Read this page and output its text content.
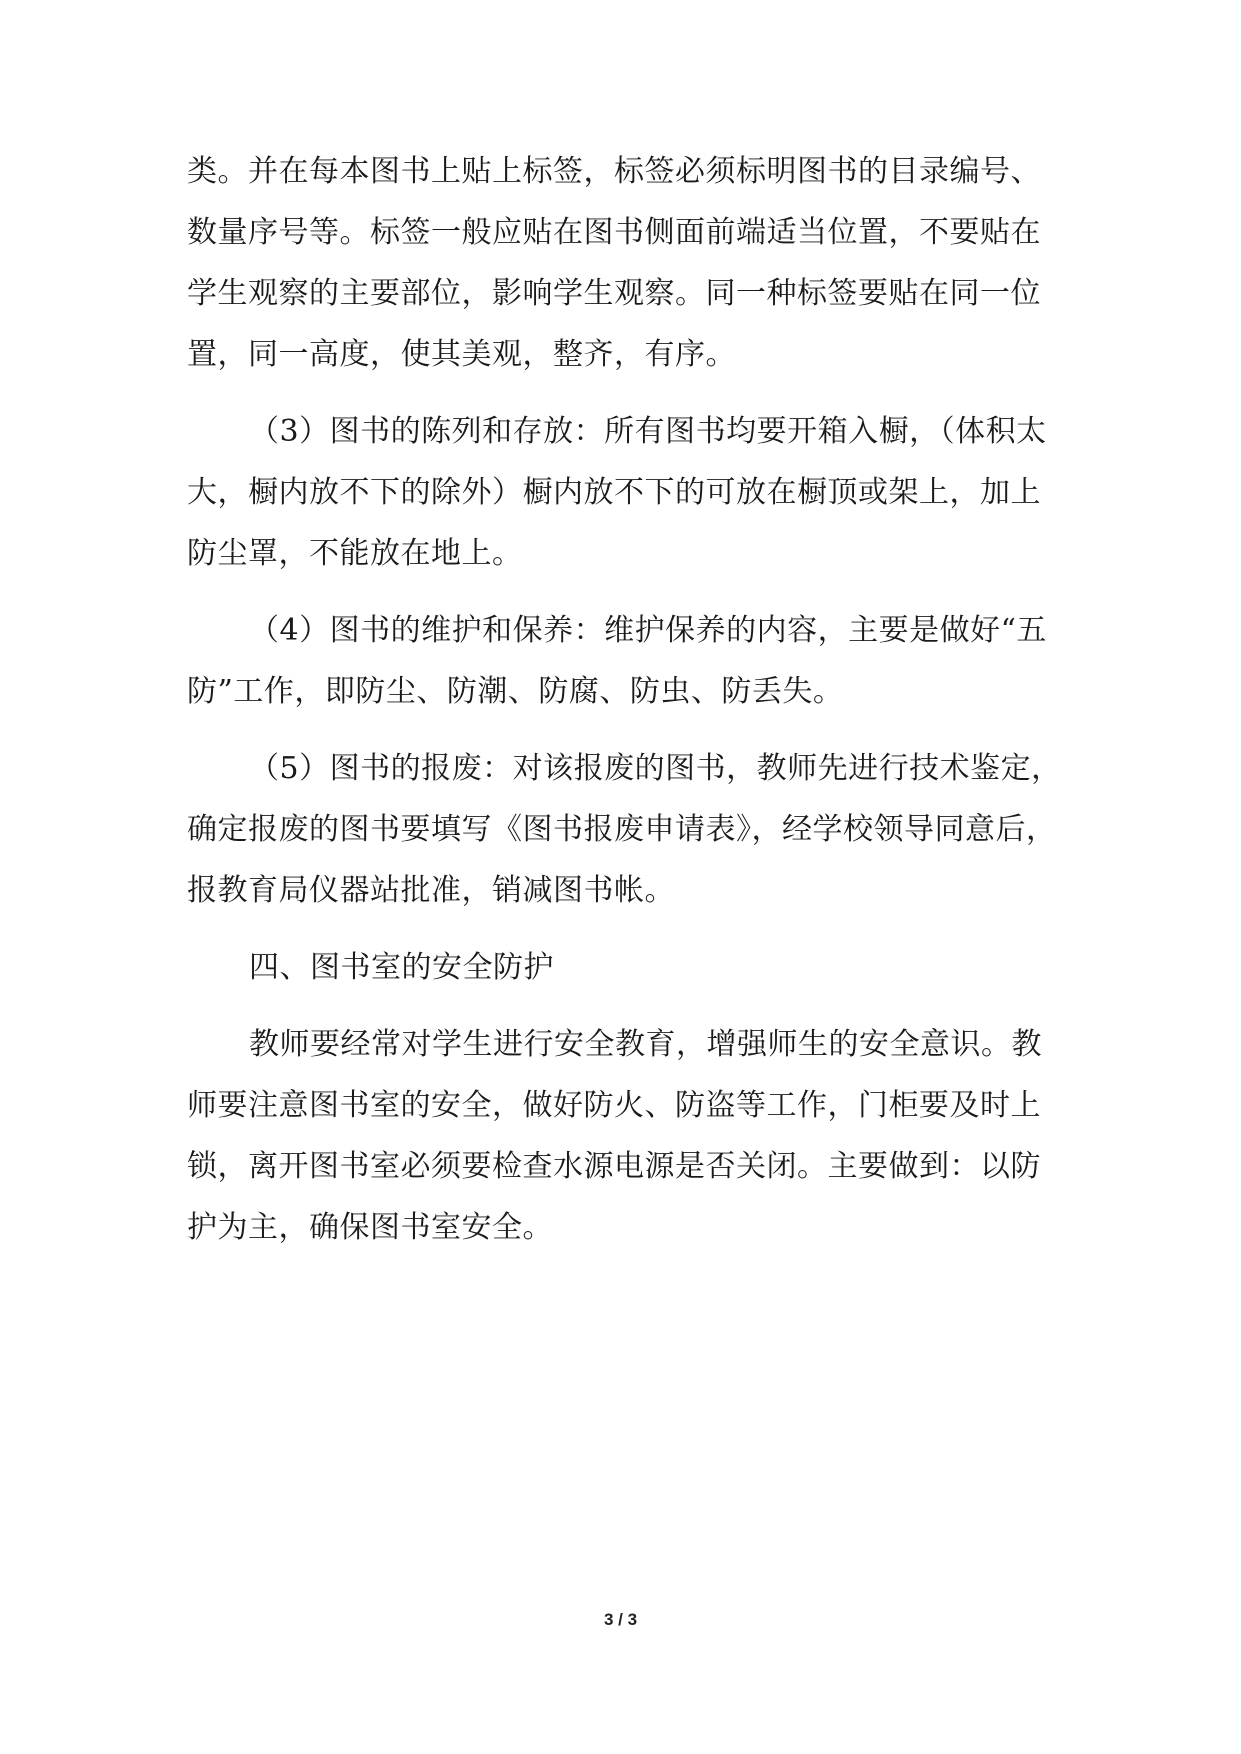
类。并在每本图书上贴上标签，标签必须标明图书的目录编号、
数量序号等。标签一般应贴在图书侧面前端适当位置，不要贴在
学生观察的主要部位，影响学生观察。同一种标签要贴在同一位
置，同一高度，使其美观，整齐，有序。
（3）图书的陈列和存放：所有图书均要开箱入橱，（体积太
大，橱内放不下的除外）橱内放不下的可放在橱顶或架上，加上
防尘罩，不能放在地上。
（4）图书的维护和保养：维护保养的内容，主要是做好“五
防”工作，即防尘、防潮、防腐、防虫、防丢失。
（5）图书的报废：对该报废的图书，教师先进行技术鉴定，
确定报废的图书要填写《图书报废申请表》，经学校领导同意后，
报教育局仪器站批准，销减图书帐。
四、图书室的安全防护
教师要经常对学生进行安全教育，增强师生的安全意识。教
师要注意图书室的安全，做好防火、防盗等工作，门柜要及时上
锁，离开图书室必须要检查水源电源是否关闭。主要做到：以防
护为主，确保图书室安全。
3 / 3
